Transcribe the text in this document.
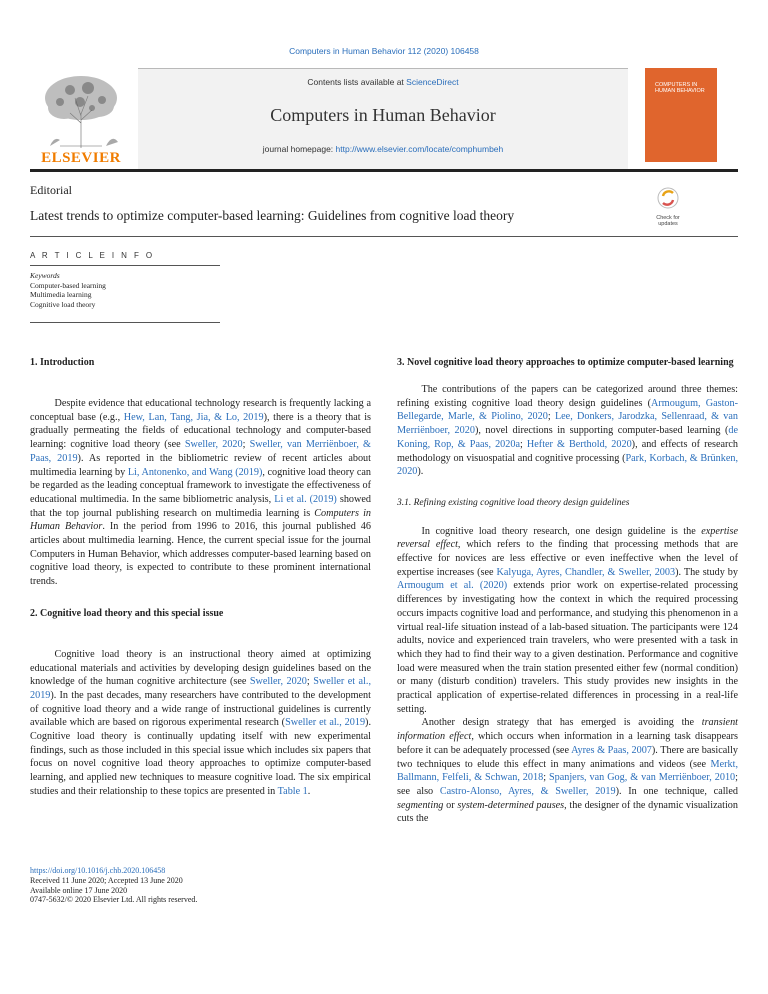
Computers in Human Behavior 112 (2020) 106458
ELSEVIER
Contents lists available at ScienceDirect
Computers in Human Behavior
journal homepage: http://www.elsevier.com/locate/comphumbeh
COMPUTERS IN HUMAN BEHAVIOR
Editorial
Latest trends to optimize computer-based learning: Guidelines from cognitive load theory	Check for updates
A R T I C L E I N F O
Keywords
Computer-based learning
Multimedia learning
Cognitive load theory
1. Introduction

Despite evidence that educational technology research is frequently lacking a conceptual base (e.g., Hew, Lan, Tang, Jia, & Lo, 2019), there is a theory that is gradually permeating the fields of educational technology and computer-based learning: cognitive load theory (see Sweller, 2020; Sweller, van Merriënboer, & Paas, 2019). As reported in the bibliometric review of recent articles about multimedia learning by Li, Antonenko, and Wang (2019), cognitive load theory can be regarded as the leading conceptual framework to investigate the effectiveness of educational multimedia. In the same bibliometric analysis, Li et al. (2019) showed that the top journal publishing research on multimedia learning is Computers in Human Behavior. In the period from 1996 to 2016, this journal published 46 articles about multimedia learning. Hence, the current special issue for the journal Computers in Human Behavior, which addresses computer-based learning based on cognitive load theory, is expected to contribute to these prominent international trends.

2. Cognitive load theory and this special issue

Cognitive load theory is an instructional theory aimed at optimizing educational materials and activities by developing design guidelines based on the knowledge of the human cognitive architecture (see Sweller, 2020; Sweller et al., 2019). In the past decades, many researchers have contributed to the development of cognitive load theory and a wide range of instructional guidelines is currently available which are based on rigorous experimental research (Sweller et al., 2019). Cognitive load theory is continually updating itself with new experimental findings, such as those included in this special issue which includes six papers that focus on novel cognitive load theory approaches to optimize computer-based learning, and applied new techniques to measure cognitive load. The six empirical studies and their relationship to these topics are presented in Table 1.

3. Novel cognitive load theory approaches to optimize computer-based learning

The contributions of the papers can be categorized around three themes: refining existing cognitive load theory design guidelines (Armougum, Gaston-Bellegarde, Marle, & Piolino, 2020; Lee, Donkers, Jarodzka, Sellenraad, & van Merriënboer, 2020), novel directions in supporting computer-based learning (de Koning, Rop, & Paas, 2020a; Hefter & Berthold, 2020), and effects of research methodology on visuospatial and cognitive processing (Park, Korbach, & Brünken, 2020).

3.1. Refining existing cognitive load theory design guidelines

In cognitive load theory research, one design guideline is the expertise reversal effect, which refers to the finding that processing methods that are effective for novices are less effective or even ineffective when the level of expertise increases (see Kalyuga, Ayres, Chandler, & Sweller, 2003). The study by Armougum et al. (2020) extends prior work on expertise-related processing differences by investigating how the context in which the required processing occurs impacts cognitive load and performance, and studying this phenomenon in a virtual real-life situation instead of a lab-based situation. The participants were 124 adults, novice and experienced train travelers, who were presented with a task in which they had to find their way to a given destination. Performance and cognitive load were measured when the train station presented either few (normal condition) or many (disturb condition) travelers. This study provides new insights in the practical application of expertise-related differences in processing in a real-life setting.

Another design strategy that has emerged is avoiding the transient information effect, which occurs when information in a learning task disappears before it can be adequately processed (see Ayres & Paas, 2007). There are basically two techniques to elude this effect in many animations and videos (see Merkt, Ballmann, Felfeli, & Schwan, 2018; Spanjers, van Gog, & van Merriënboer, 2010; see also Castro-Alonso, Ayres, & Sweller, 2019). In one technique, called segmenting or system-determined pauses, the designer of the dynamic visualization cuts the

https://doi.org/10.1016/j.chb.2020.106458
Received 11 June 2020; Accepted 13 June 2020
Available online 17 June 2020
0747-5632/© 2020 Elsevier Ltd. All rights reserved.
